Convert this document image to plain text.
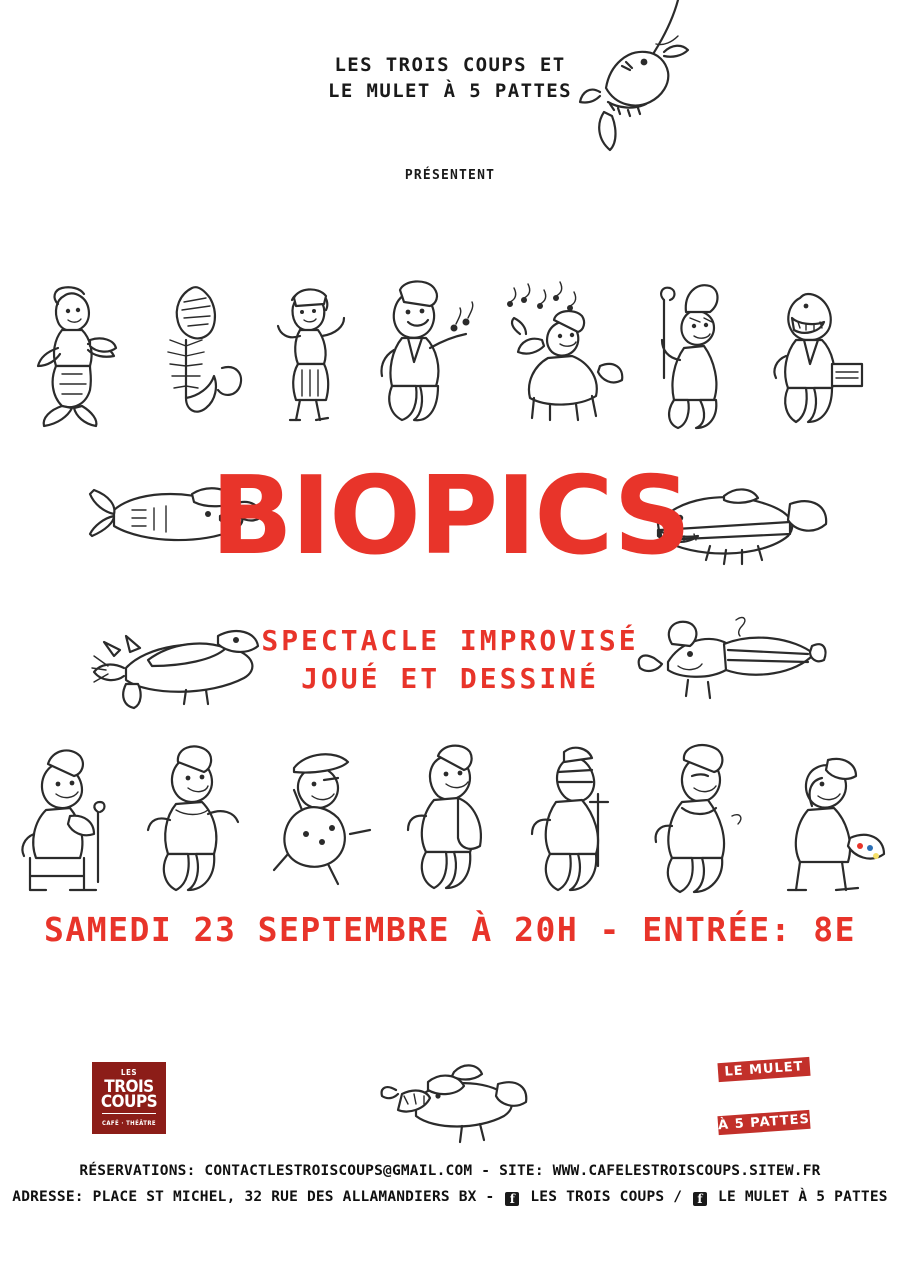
LES TROIS COUPS ET
LE MULET À 5 PATTES
PRÉSENTENT
BIOPICS
SPECTACLE IMPROVISÉ
JOUÉ ET DESSINÉ
SAMEDI 23 SEPTEMBRE À 20H - ENTRÉE: 8E
LES
TROIS
COUPS
CAFÉ · THÉÂTRE
LE MULET
À 5 PATTES
RÉSERVATIONS: CONTACTLESTROISCOUPS@GMAIL.COM - SITE: WWW.CAFELESTROISCOUPS.SITEW.FR
ADRESSE: PLACE ST MICHEL, 32 RUE DES ALLAMANDIERS BX - f LES TROIS COUPS / f LE MULET À 5 PATTES
